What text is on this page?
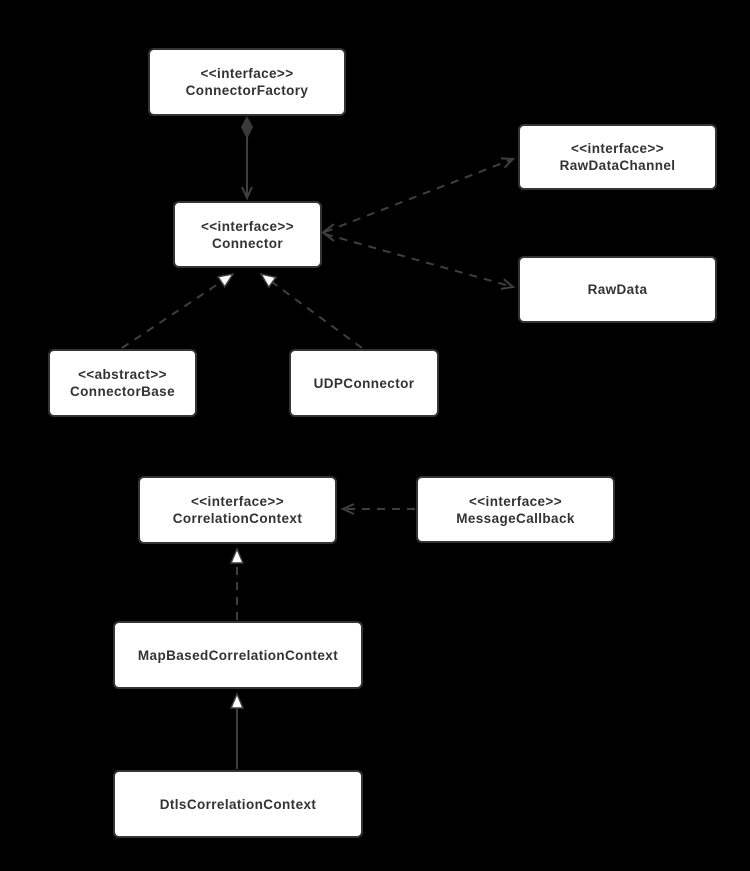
<<interface>>
ConnectorFactory
<<interface>>
RawDataChannel
<<interface>>
Connector
RawData
<<abstract>>
ConnectorBase
UDPConnector
<<interface>>
CorrelationContext
<<interface>>
MessageCallback
MapBasedCorrelationContext
DtlsCorrelationContext
